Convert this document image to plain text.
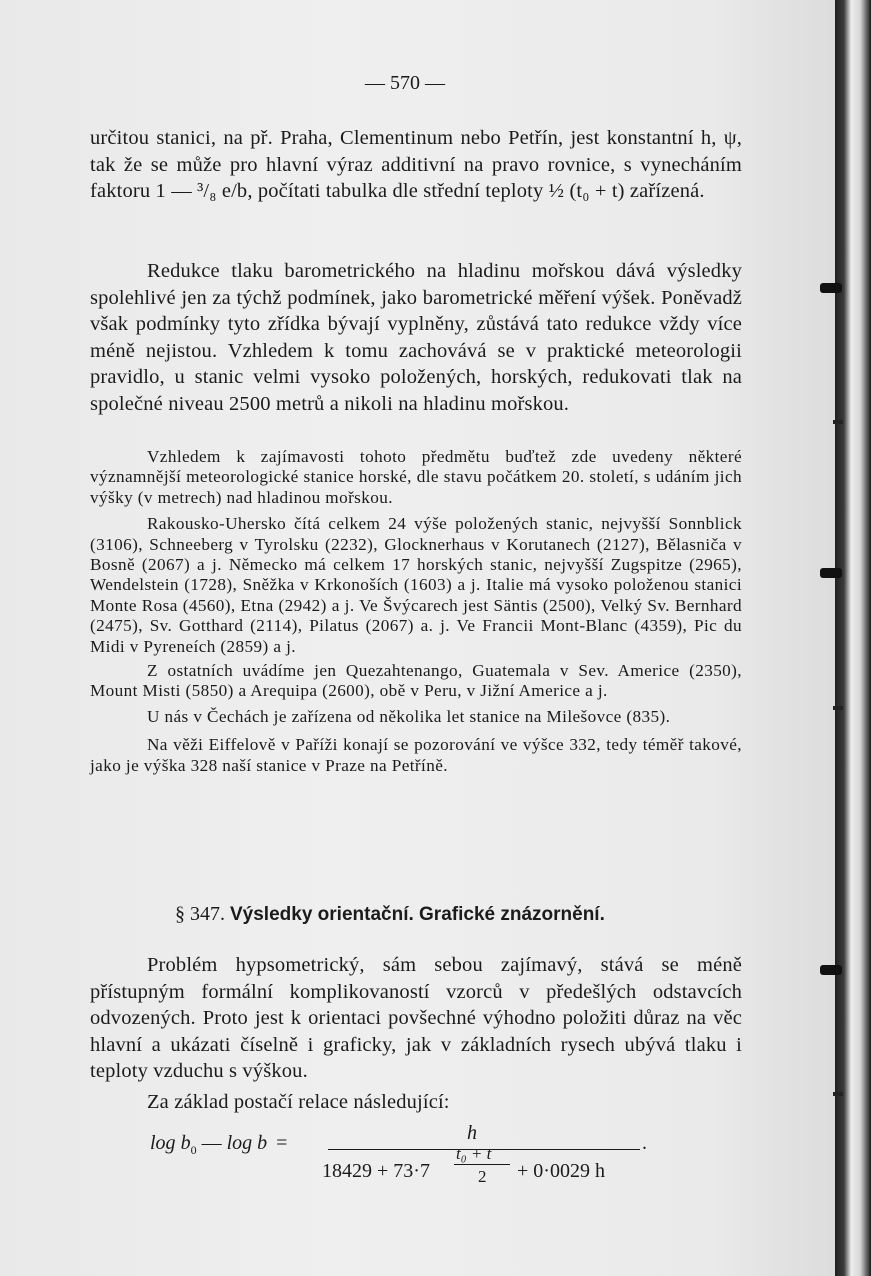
— 570 —

určitou stanici, na př. Praha, Clementinum nebo Petřín, jest konstantní h, ψ, tak že se může pro hlavní výraz additivní na pravo rovnice, s vynecháním faktoru 1 — ³/₈ e/b, počítati tabulka dle střední teploty ½ (t₀ + t) zařízená.

Redukce tlaku barometrického na hladinu mořskou dává výsledky spolehlivé jen za týchž podmínek, jako barometrické měření výšek. Poněvadž však podmínky tyto zřídka bývají vyplněny, zůstává tato redukce vždy více méně nejistou. Vzhledem k tomu zachovává se v praktické meteorologii pravidlo, u stanic velmi vysoko položených, horských, redukovati tlak na společné niveau 2500 metrů a nikoli na hladinu mořskou.

Vzhledem k zajímavosti tohoto předmětu buďtež zde uvedeny některé významnější meteorologické stanice horské, dle stavu počátkem 20. století, s udáním jich výšky (v metrech) nad hladinou mořskou.

Rakousko-Uhersko čítá celkem 24 výše položených stanic, nejvyšší Sonnblick (3106), Schneeberg v Tyrolsku (2232), Glocknerhaus v Korutanech (2127), Bělasniča v Bosně (2067) a j. Německo má celkem 17 horských stanic, nejvyšší Zugspitze (2965), Wendelstein (1728), Sněžka v Krkonoších (1603) a j. Italie má vysoko položenou stanici Monte Rosa (4560), Etna (2942) a j. Ve Švýcarech jest Säntis (2500), Velký Sv. Bernhard (2475), Sv. Gotthard (2114), Pilatus (2067) a. j. Ve Francii Mont-Blanc (4359), Pic du Midi v Pyreneích (2859) a j.

Z ostatních uvádíme jen Quezahtenango, Guatemala v Sev. Americe (2350), Mount Misti (5850) a Arequipa (2600), obě v Peru, v Jižní Americe a j.

U nás v Čechách je zařízena od několika let stanice na Milešovce (835).

Na věži Eiffelově v Paříži konají se pozorování ve výšce 332, tedy téměř takové, jako je výška 328 naší stanice v Praze na Petříně.

§ 347. Výsledky orientační. Grafické znázornění.

Problém hypsometrický, sám sebou zajímavý, stává se méně přístupným formální komplikovaností vzorců v předešlých odstavcích odvozených. Proto jest k orientaci povšechné výhodno položiti důraz na věc hlavní a ukázati číselně i graficky, jak v základních rysech ubývá tlaku i teploty vzduchu s výškou.

Za základ postačí relace následující:

$\log b_0$ — log b =	h
18429 + 73·7
t₀ + t
2 + 0·0029 h
.
